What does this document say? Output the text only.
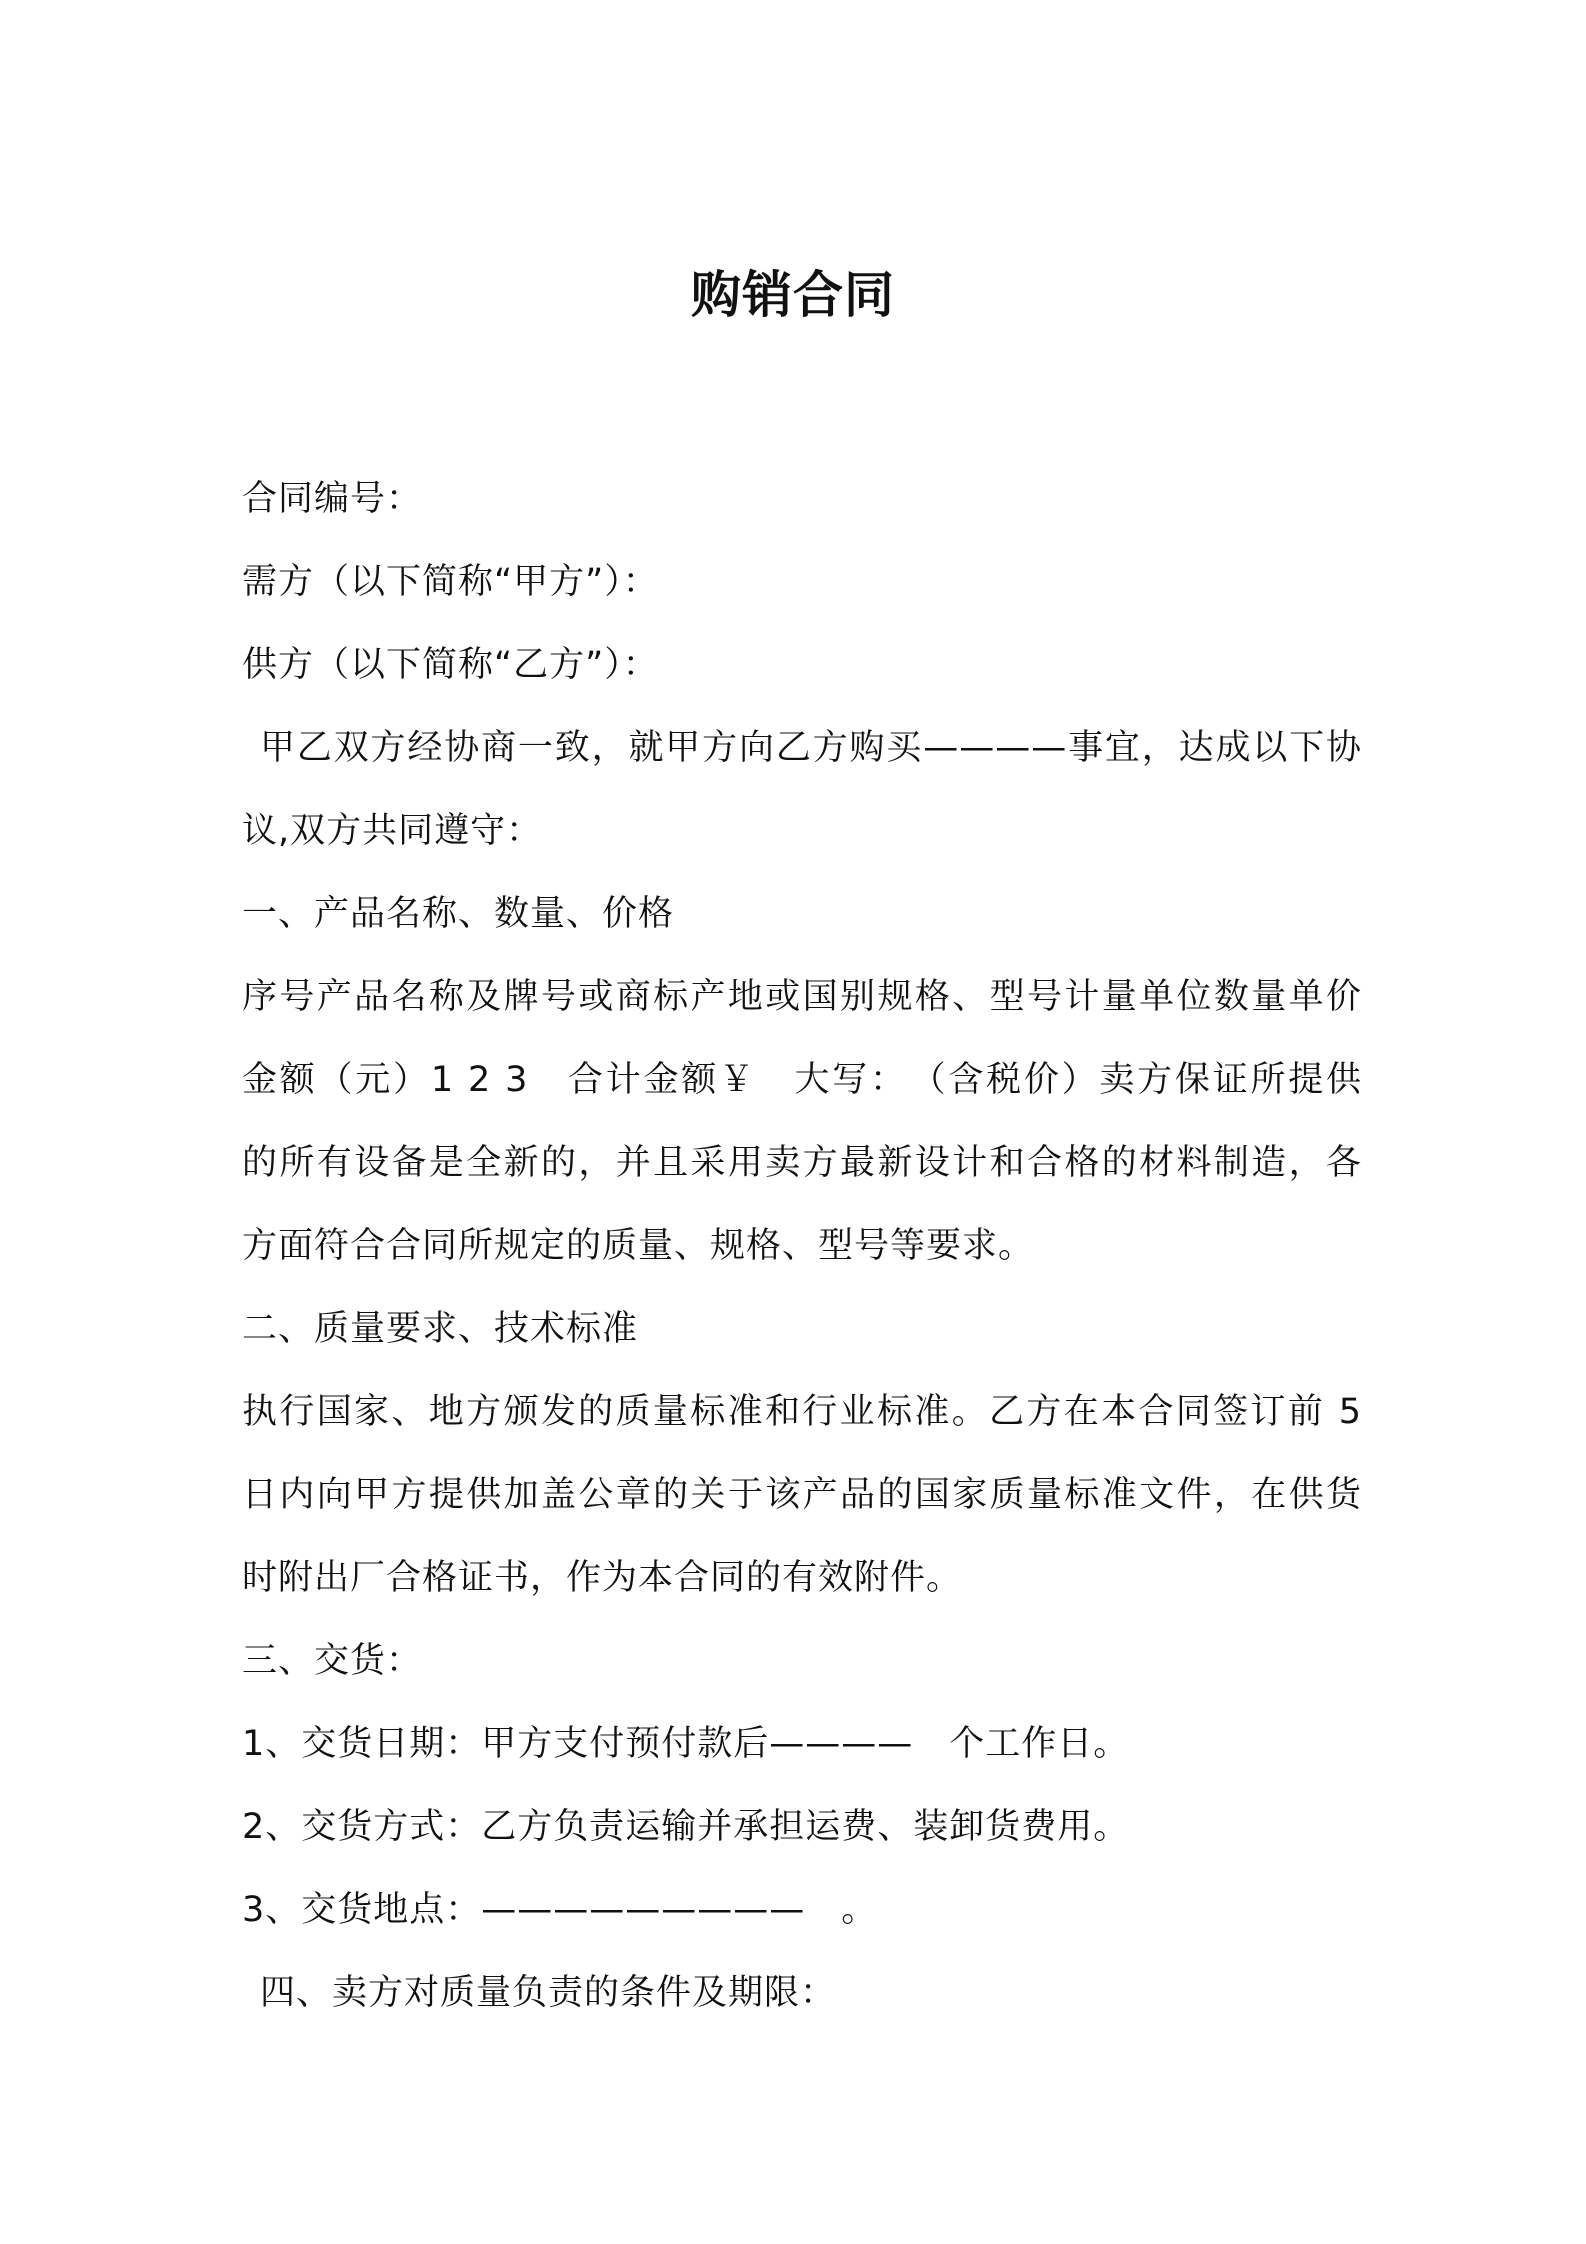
购销合同
合同编号：
需方（以下简称“甲方”）：
供方（以下简称“乙方”）：
甲乙双方经协商一致，就甲方向乙方购买————事宜，达成以下协
议,双方共同遵守：
一、产品名称、数量、价格
序号产品名称及牌号或商标产地或国别规格、型号计量单位数量单价
金额（元）1 2 3　合计金额￥　大写：　（含税价）卖方保证所提供
的所有设备是全新的，并且采用卖方最新设计和合格的材料制造，各
方面符合合同所规定的质量、规格、型号等要求。
二、质量要求、技术标准
执行国家、地方颁发的质量标准和行业标准。乙方在本合同签订前 5
日内向甲方提供加盖公章的关于该产品的国家质量标准文件，在供货
时附出厂合格证书，作为本合同的有效附件。
三、交货：
1、交货日期：甲方支付预付款后————　个工作日。
2、交货方式：乙方负责运输并承担运费、装卸货费用。
3、交货地点：—————————　。
四、卖方对质量负责的条件及期限：
